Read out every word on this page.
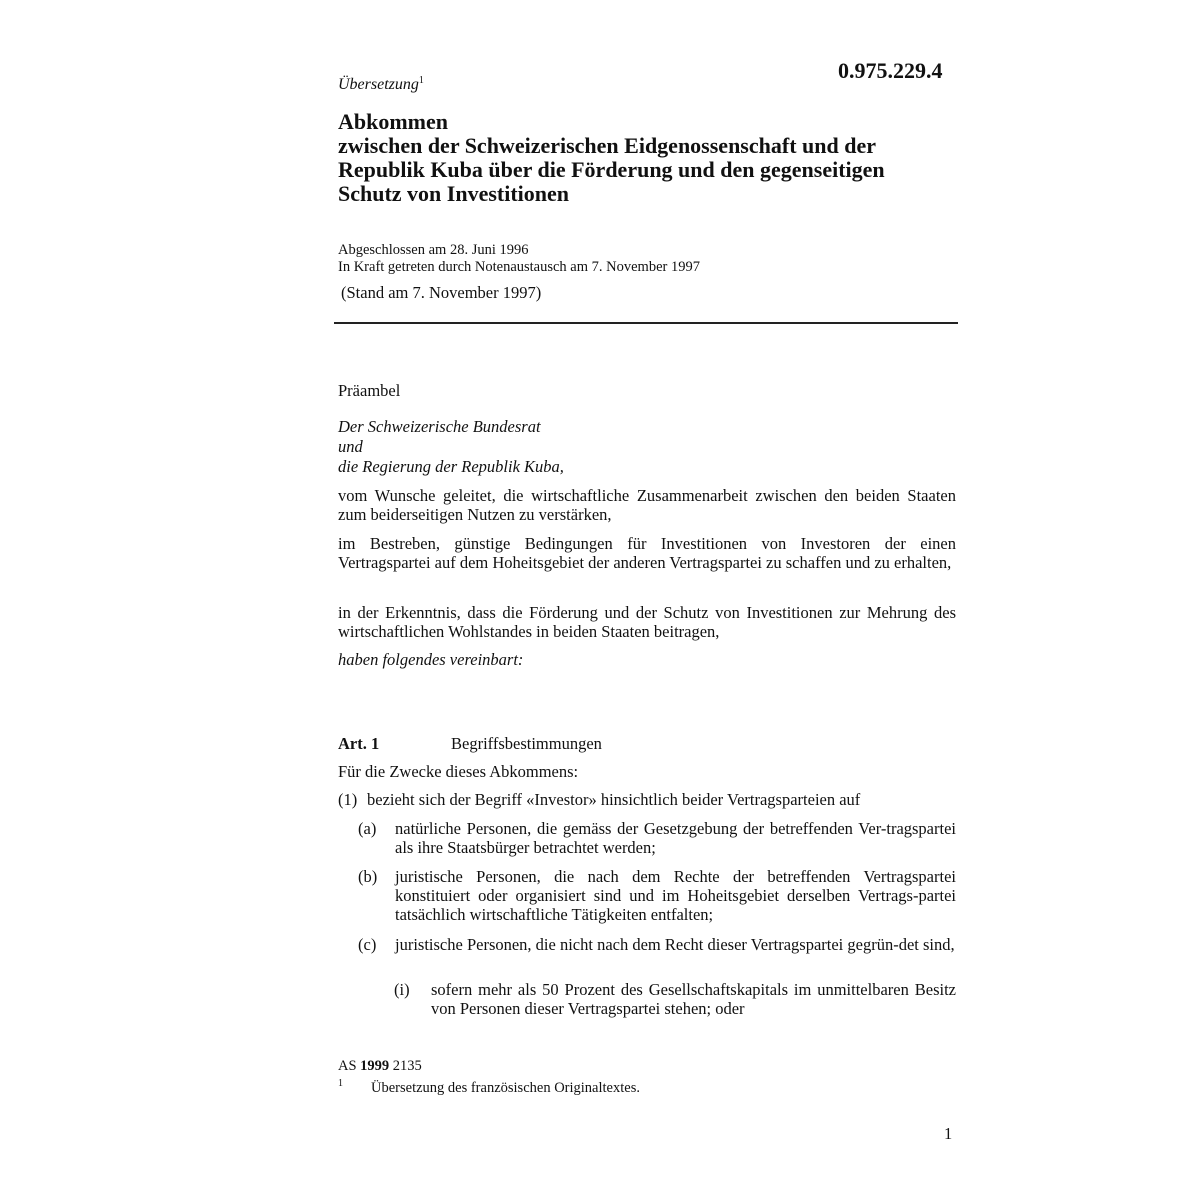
0.975.229.4
Übersetzung$^1$
Abkommen
zwischen der Schweizerischen Eidgenossenschaft und der
Republik Kuba über die Förderung und den gegenseitigen
Schutz von Investitionen
Abgeschlossen am 28. Juni 1996
In Kraft getreten durch Notenaustausch am 7. November 1997
(Stand am 7. November 1997)
Präambel
Der Schweizerische Bundesrat
und
die Regierung der Republik Kuba,
vom Wunsche geleitet, die wirtschaftliche Zusammenarbeit zwischen den beiden Staaten zum beiderseitigen Nutzen zu verstärken,
im Bestreben, günstige Bedingungen für Investitionen von Investoren der einen Vertragspartei auf dem Hoheitsgebiet der anderen Vertragspartei zu schaffen und zu erhalten,
in der Erkenntnis, dass die Förderung und der Schutz von Investitionen zur Mehrung des wirtschaftlichen Wohlstandes in beiden Staaten beitragen,
haben folgendes vereinbart:
Art. 1	Begriffsbestimmungen
Für die Zwecke dieses Abkommens:
(1) bezieht sich der Begriff «Investor» hinsichtlich beider Vertragsparteien auf
(a) natürliche Personen, die gemäss der Gesetzgebung der betreffenden Ver-tragspartei als ihre Staatsbürger betrachtet werden;
(b) juristische Personen, die nach dem Rechte der betreffenden Vertragspartei konstituiert oder organisiert sind und im Hoheitsgebiet derselben Vertrags-partei tatsächlich wirtschaftliche Tätigkeiten entfalten;
(c) juristische Personen, die nicht nach dem Recht dieser Vertragspartei gegrün-det sind,
(i) sofern mehr als 50 Prozent des Gesellschaftskapitals im unmittelbaren Besitz von Personen dieser Vertragspartei stehen; oder
AS 1999 2135
1 Übersetzung des französischen Originaltextes.
1
